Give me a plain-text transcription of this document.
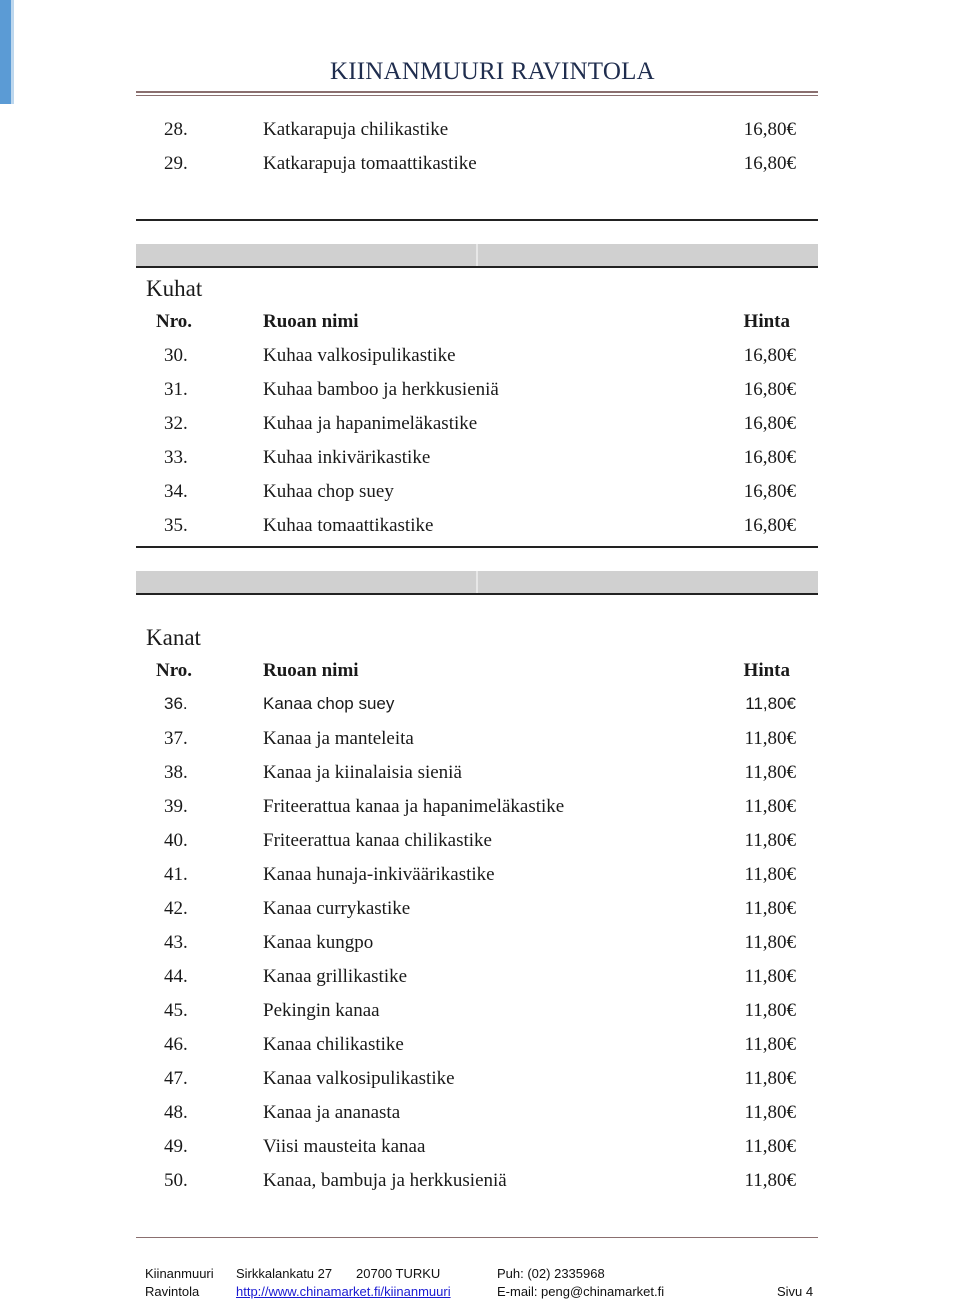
KIINANMUURI RAVINTOLA
28.	Katkarapuja chilikastike	16,80€
29.	Katkarapuja tomaattikastike	16,80€
Kuhat
Nro.	Ruoan nimi	Hinta
30.	Kuhaa valkosipulikastike	16,80€
31.	Kuhaa bamboo ja herkkusieniä	16,80€
32.	Kuhaa ja hapanimeläkastike	16,80€
33.	Kuhaa inkivärikastike	16,80€
34.	Kuhaa chop suey	16,80€
35.	Kuhaa tomaattikastike	16,80€
Kanat
Nro.	Ruoan nimi	Hinta
36.	Kanaa chop suey	11,80€
37.	Kanaa ja manteleita	11,80€
38.	Kanaa ja kiinalaisia sieniä	11,80€
39.	Friteerattua kanaa ja hapanimeläkastike	11,80€
40.	Friteerattua kanaa chilikastike	11,80€
41.	Kanaa hunaja-inkiväärikastike	11,80€
42.	Kanaa currykastike	11,80€
43.	Kanaa kungpo	11,80€
44.	Kanaa grillikastike	11,80€
45.	Pekingin kanaa	11,80€
46.	Kanaa chilikastike	11,80€
47.	Kanaa valkosipulikastike	11,80€
48.	Kanaa ja ananasta	11,80€
49.	Viisi mausteita kanaa	11,80€
50.	Kanaa, bambuja ja herkkusieniä	11,80€
Kiinanmuuri Sirkkalankatu 27 20700 TURKU	Puh: (02) 2335968
Ravintola	http://www.chinamarket.fi/kiinanmuuri	E-mail: peng@chinamarket.fi	Sivu 4
